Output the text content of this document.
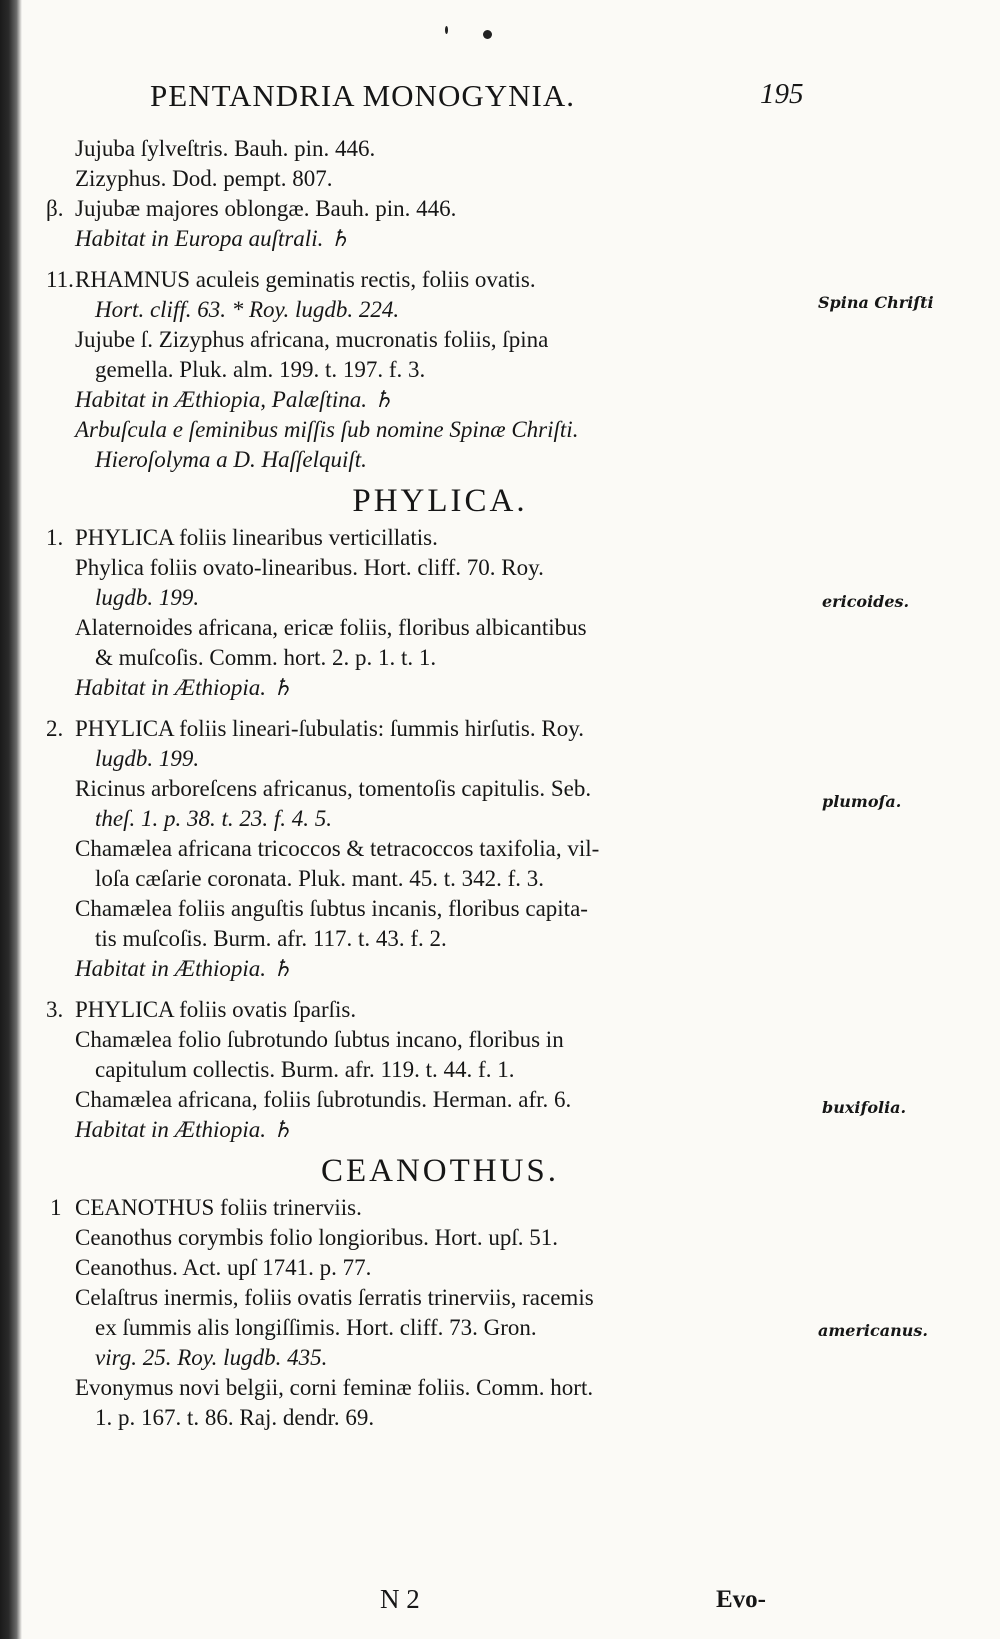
PENTANDRIA MONOGYNIA.	195
Spina Chriſti
ericoides.
plumoſa.
buxifolia.
americanus.
Jujuba ſylveſtris. Bauh. pin. 446.
Zizyphus. Dod. pempt. 807.
β. Jujubæ majores oblongæ. Bauh. pin. 446.
Habitat in Europa auſtrali. ♄
11. RHAMNUS aculeis geminatis rectis, foliis ovatis.
Hort. cliff. 63. * Roy. lugdb. 224.
Jujube ſ. Zizyphus africana, mucronatis foliis, ſpina
gemella. Pluk. alm. 199. t. 197. f. 3.
Habitat in Æthiopia, Palæſtina. ♄
Arbuſcula e ſeminibus miſſis ſub nomine Spinæ Chriſti.
Hieroſolyma a D. Haſſelquiſt.
PHYLICA.
1. PHYLICA foliis linearibus verticillatis.
Phylica foliis ovato-linearibus. Hort. cliff. 70. Roy.
lugdb. 199.
Alaternoides africana, ericæ foliis, floribus albicantibus
& muſcoſis. Comm. hort. 2. p. 1. t. 1.
Habitat in Æthiopia. ♄
2. PHYLICA foliis lineari-ſubulatis: ſummis hirſutis. Roy.
lugdb. 199.
Ricinus arboreſcens africanus, tomentoſis capitulis. Seb.
theſ. 1. p. 38. t. 23. f. 4. 5.
Chamælea africana tricoccos & tetracoccos taxifolia, vil-
loſa cæſarie coronata. Pluk. mant. 45. t. 342. f. 3.
Chamælea foliis anguſtis ſubtus incanis, floribus capita-
tis muſcoſis. Burm. afr. 117. t. 43. f. 2.
Habitat in Æthiopia. ♄
3. PHYLICA foliis ovatis ſparſis.
Chamælea folio ſubrotundo ſubtus incano, floribus in
capitulum collectis. Burm. afr. 119. t. 44. f. 1.
Chamælea africana, foliis ſubrotundis. Herman. afr. 6.
Habitat in Æthiopia. ♄
CEANOTHUS.
1 CEANOTHUS foliis trinerviis.
Ceanothus corymbis folio longioribus. Hort. upſ. 51.
Ceanothus. Act. upſ 1741. p. 77.
Celaſtrus inermis, foliis ovatis ſerratis trinerviis, racemis
ex ſummis alis longiſſimis. Hort. cliff. 73. Gron.
virg. 25. Roy. lugdb. 435.
Evonymus novi belgii, corni feminæ foliis. Comm. hort.
1. p. 167. t. 86. Raj. dendr. 69.
N 2	Evo-
